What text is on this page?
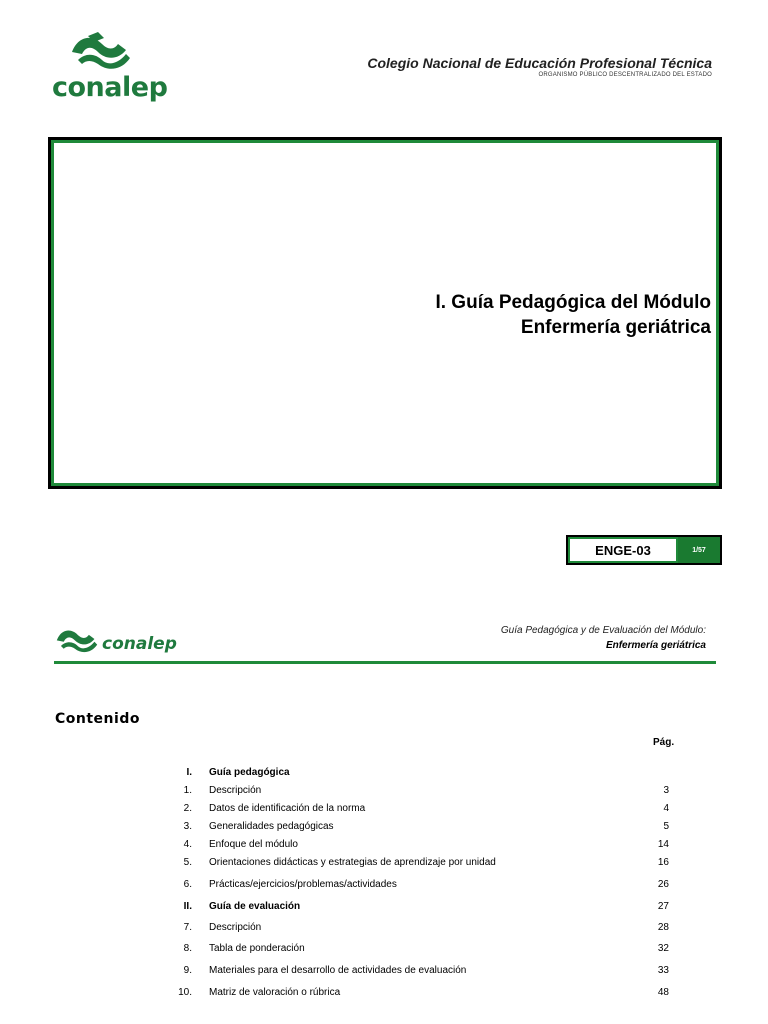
conalep
Colegio Nacional de Educación Profesional Técnica
ORGANISMO PÚBLICO DESCENTRALIZADO DEL ESTADO
I. Guía Pedagógica del Módulo
Enfermería geriátrica
ENGE-03	1/57
conalep
Guía Pedagógica y de Evaluación del Módulo:
Enfermería geriátrica
Contenido
Pág.
I. Guía pedagógica
1. Descripción	3
2. Datos de identificación de la norma	4
3. Generalidades pedagógicas	5
4. Enfoque del módulo	14
5. Orientaciones didácticas y estrategias de aprendizaje por unidad	16
6. Prácticas/ejercicios/problemas/actividades	26
II. Guía de evaluación	27
7. Descripción	28
8. Tabla de ponderación	32
9. Materiales para el desarrollo de actividades de evaluación	33
10. Matriz de valoración o rúbrica	48
